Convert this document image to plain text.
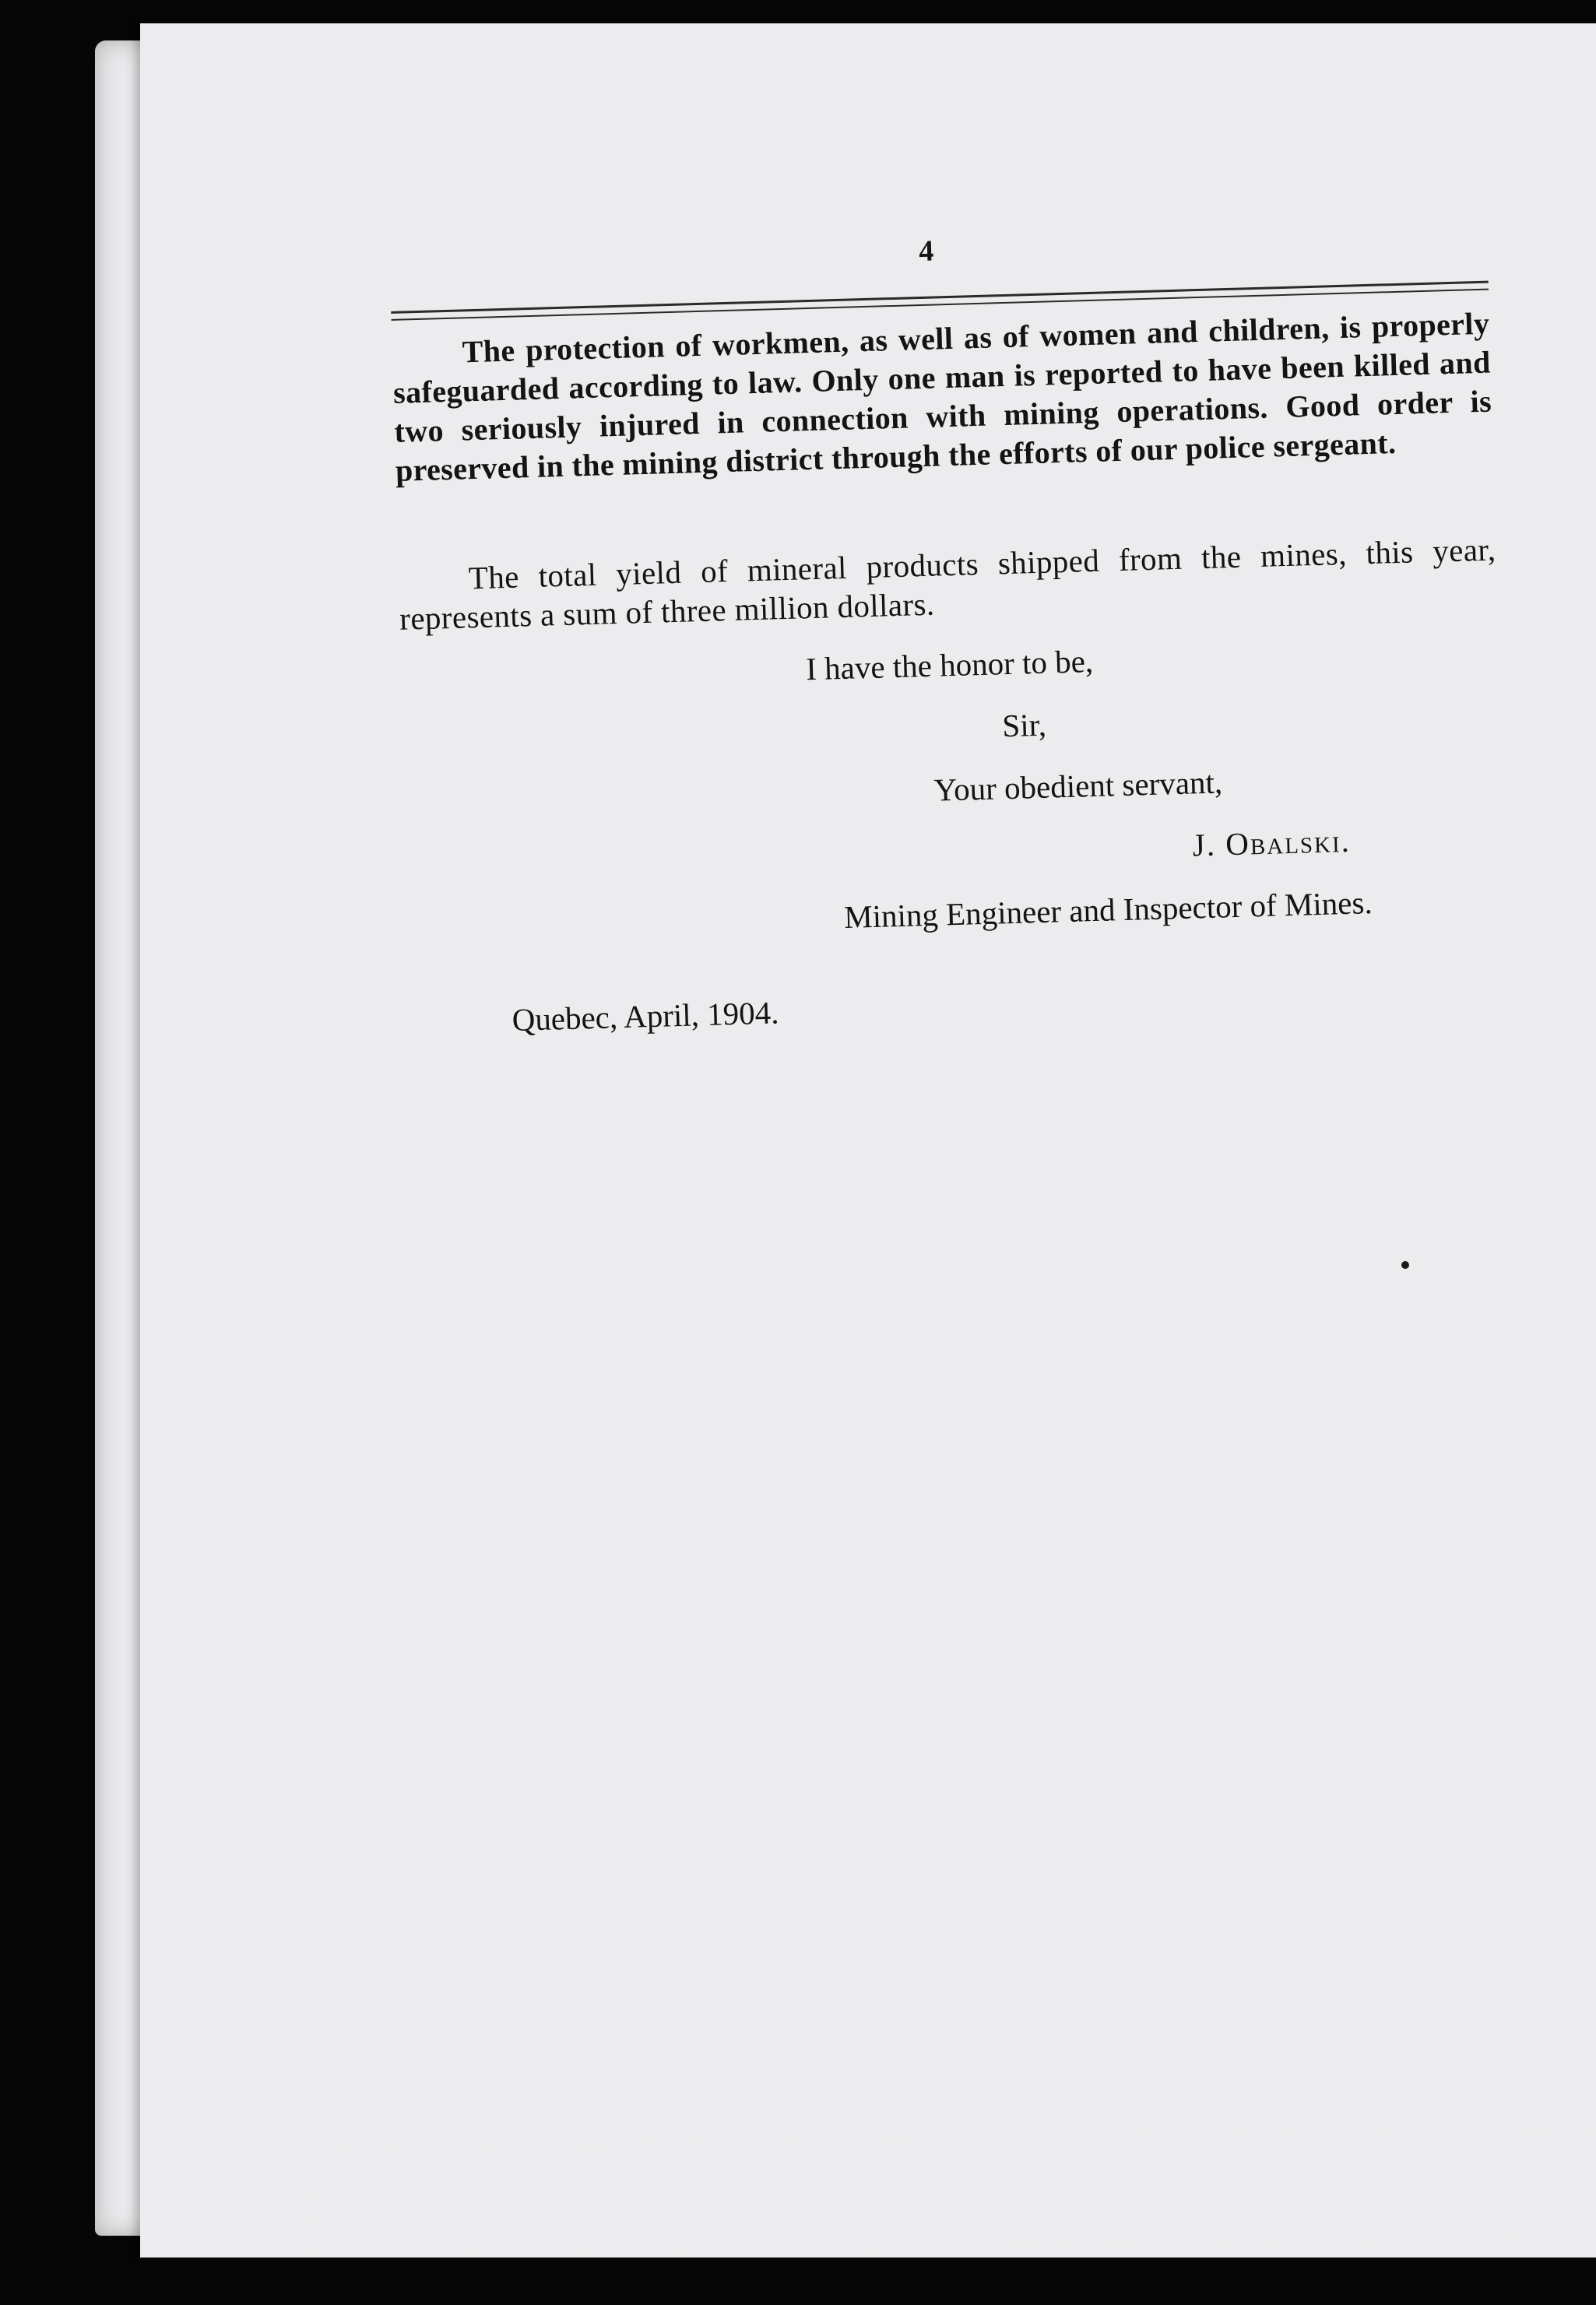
4

The protection of workmen, as well as of women and children, is properly safeguarded according to law. Only one man is reported to have been killed and two seriously injured in connection with mining operations. Good order is preserved in the mining district through the efforts of our police sergeant.

The total yield of mineral products shipped from the mines, this year, represents a sum of three million dollars.

I have the honor to be,

Sir,

Your obedient servant,

J. Obalski.

Mining Engineer and Inspector of Mines.

Quebec, April, 1904.
